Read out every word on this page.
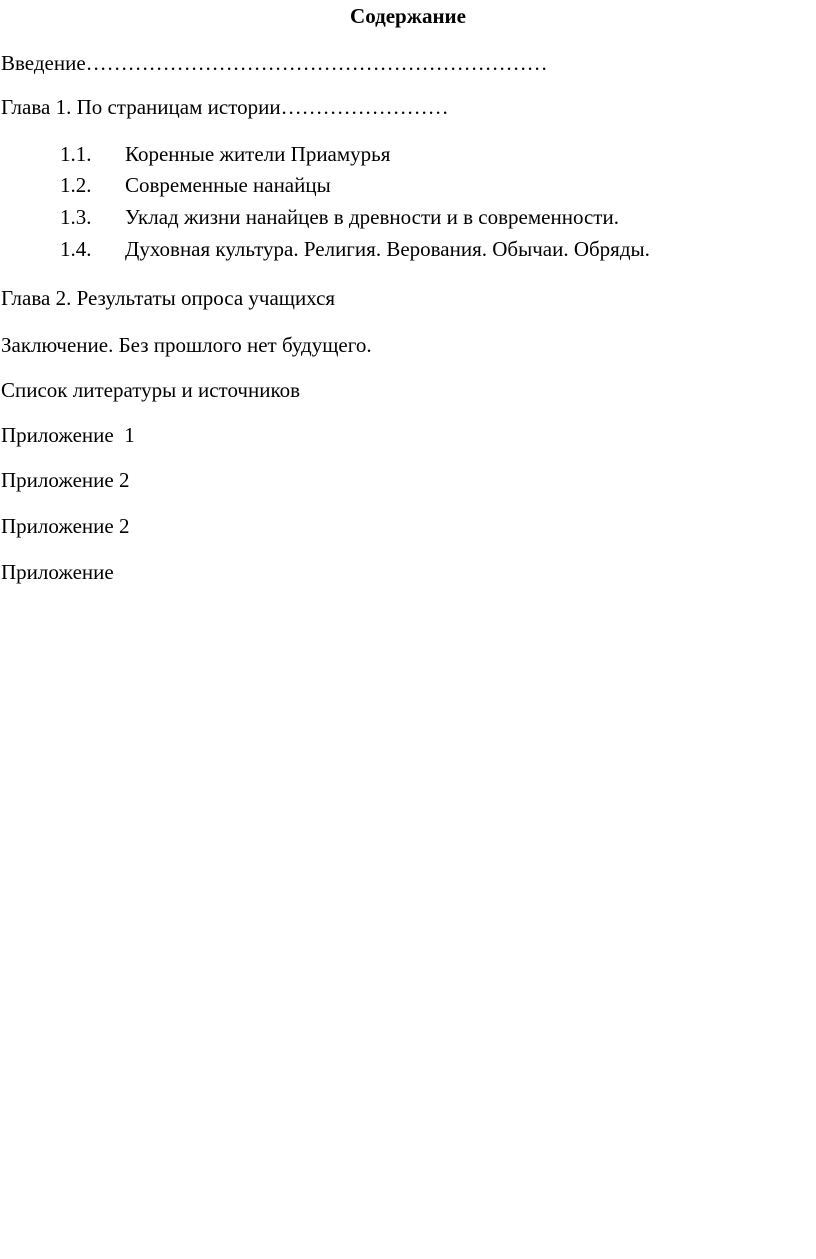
Содержание
Введение…………………………………………………………
Глава 1. По страницам истории……………………
1.1. Коренные жители Приамурья
1.2. Современные нанайцы
1.3. Уклад жизни нанайцев в древности и в современности.
1.4. Духовная культура. Религия. Верования. Обычаи. Обряды.
Глава 2. Результаты опроса учащихся
Заключение. Без прошлого нет будущего.
Список литературы и источников
Приложение  1
Приложение 2
Приложение 2
Приложение
